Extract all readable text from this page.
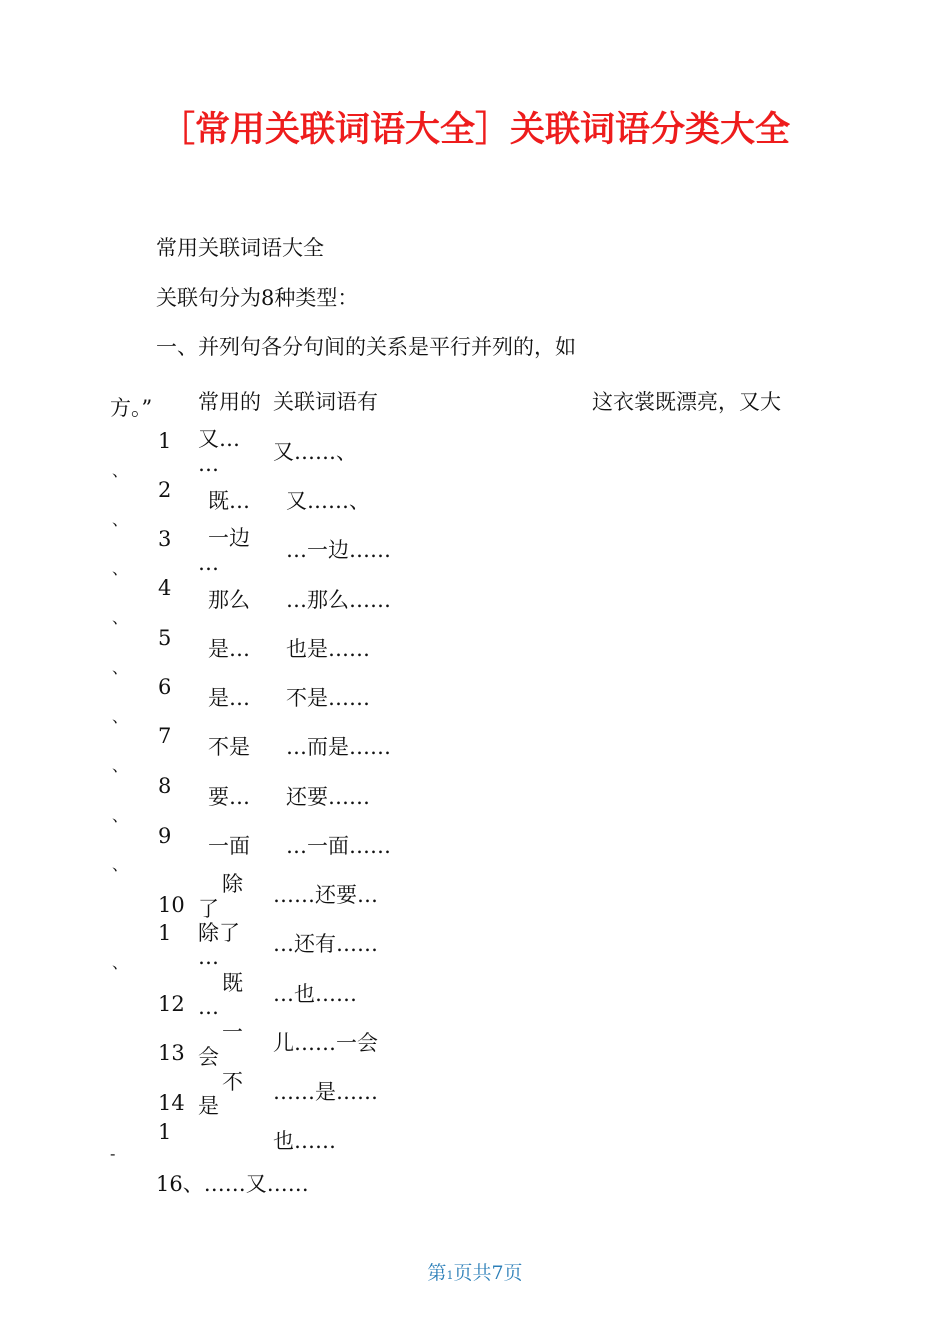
［常用关联词语大全］关联词语分类大全
常用关联词语大全
关联句分为8种类型：
一、并列句各分句间的关系是平行并列的，如
方。” 常用的 关联词语有	这衣裳既漂亮，又大
1
2
3
4
5
6
7
8
9
10
1
12
13
14
1
、
、
、
、
、
、
、
、
、
、
-
又…
…
既…
一边
…
那么
是…
是…
不是
要…
一面
除
了
除了
…
既
…
一
会
不
是
又……、
又……、
…一边……
…那么……
也是……
不是……
…而是……
还要……
…一面……
……还要…
…还有……
…也……
儿……一会
……是……
也……
16、……又……
第1页共7页
